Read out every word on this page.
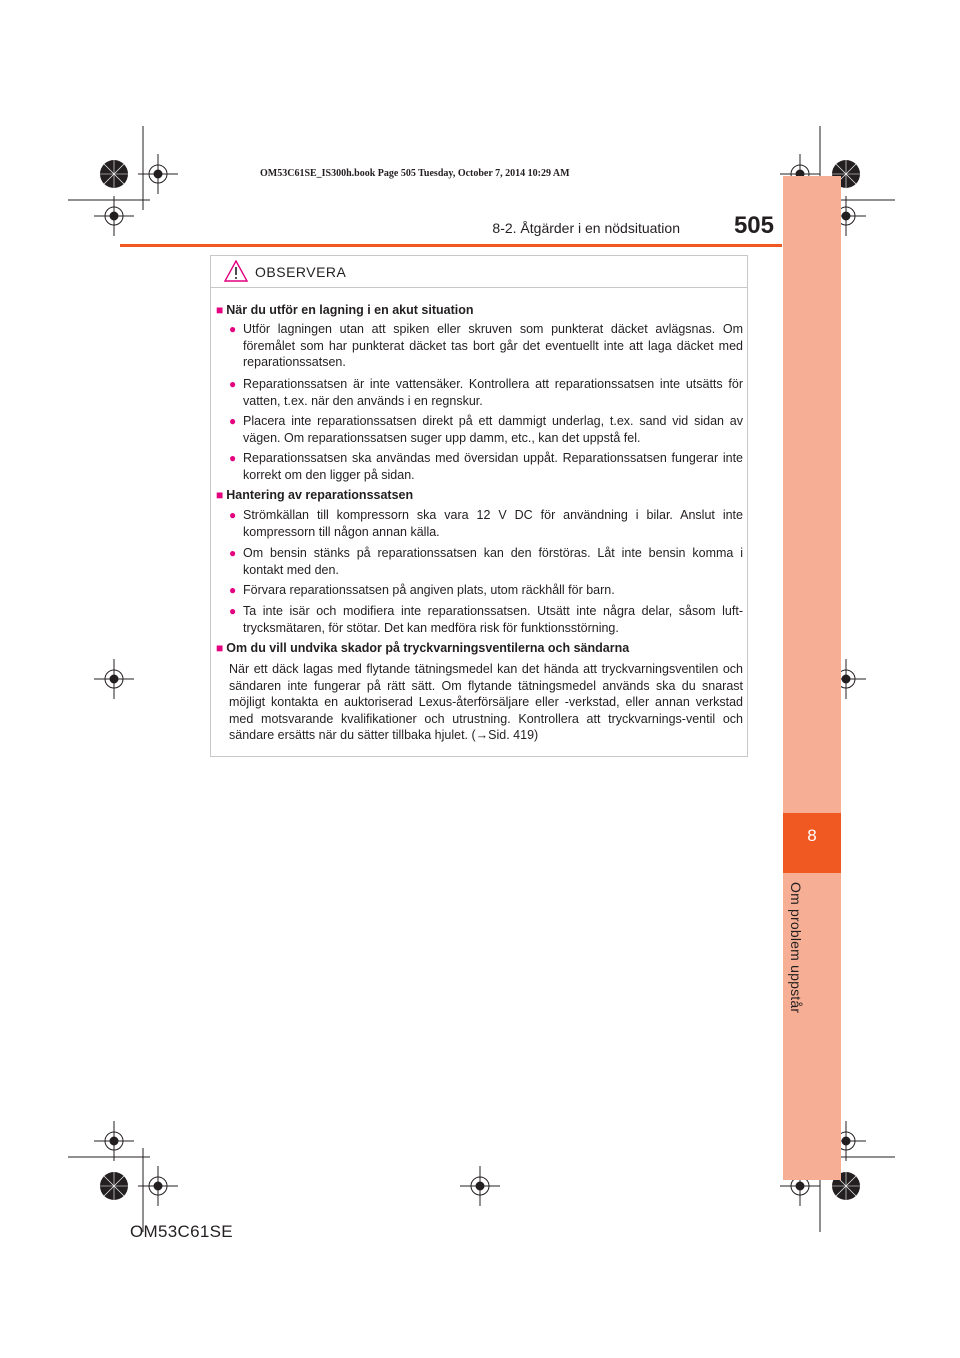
8
Om problem uppstår
OM53C61SE_IS300h.book Page 505 Tuesday, October 7, 2014 10:29 AM
8-2. Åtgärder i en nödsituation	505
OBSERVERA
■ När du utför en lagning i en akut situation
● Utför lagningen utan att spiken eller skruven som punkterat däcket avlägsnas. Om föremålet som har punkterat däcket tas bort går det eventuellt inte att laga däcket med reparationssatsen.
● Reparationssatsen är inte vattensäker. Kontrollera att reparationssatsen inte utsätts för vatten, t.ex. när den används i en regnskur.
● Placera inte reparationssatsen direkt på ett dammigt underlag, t.ex. sand vid sidan av vägen. Om reparationssatsen suger upp damm, etc., kan det uppstå fel.
● Reparationssatsen ska användas med översidan uppåt. Reparationssatsen fungerar inte korrekt om den ligger på sidan.
■ Hantering av reparationssatsen
● Strömkällan till kompressorn ska vara 12 V DC för användning i bilar. Anslut inte kompressorn till någon annan källa.
● Om bensin stänks på reparationssatsen kan den förstöras. Låt inte bensin komma i kontakt med den.
● Förvara reparationssatsen på angiven plats, utom räckhåll för barn.
● Ta inte isär och modifiera inte reparationssatsen. Utsätt inte några delar, såsom luft-trycksmätaren, för stötar. Det kan medföra risk för funktionsstörning.
■ Om du vill undvika skador på tryckvarningsventilerna och sändarna
När ett däck lagas med flytande tätningsmedel kan det hända att tryckvarningsventilen och sändaren inte fungerar på rätt sätt. Om flytande tätningsmedel används ska du snarast möjligt kontakta en auktoriserad Lexus-återförsäljare eller -verkstad, eller annan verkstad med motsvarande kvalifikationer och utrustning. Kontrollera att tryckvarnings-ventil och sändare ersätts när du sätter tillbaka hjulet. (→Sid. 419)
OM53C61SE
